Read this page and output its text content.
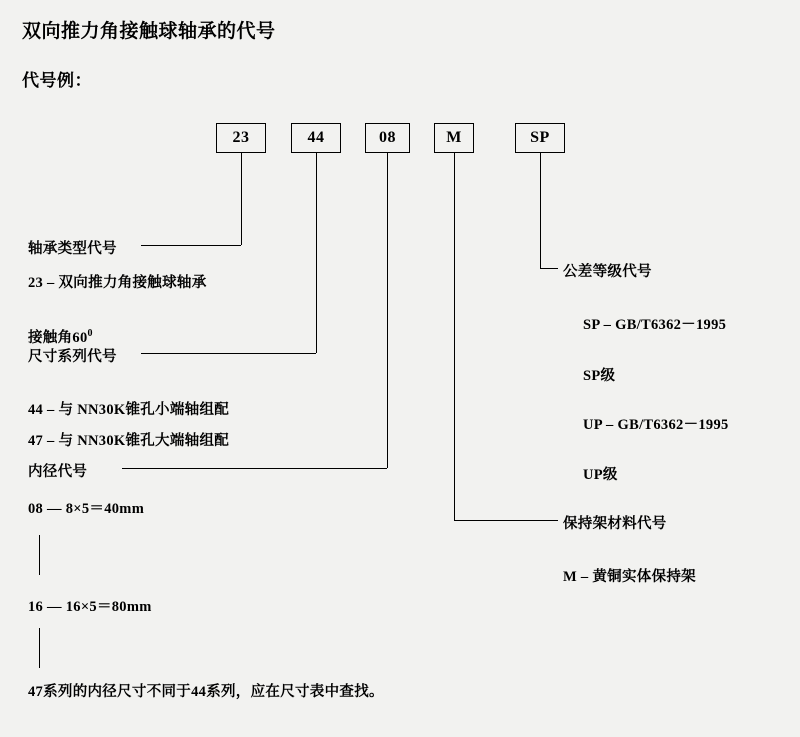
双向推力角接触球轴承的代号
代号例：
23	44	08	M	SP
轴承类型代号
23 – 双向推力角接触球轴承
接触角$60^0$
尺寸系列代号
44 – 与 NN30K锥孔小端轴组配
47 – 与 NN30K锥孔大端轴组配
内径代号
08 — 8×5＝40mm
16 — 16×5＝80mm
公差等级代号
SP – GB/T6362－1995
SP级
UP – GB/T6362－1995
UP级
保持架材料代号
M – 黄铜实体保持架
47系列的内径尺寸不同于44系列，应在尺寸表中查找。
